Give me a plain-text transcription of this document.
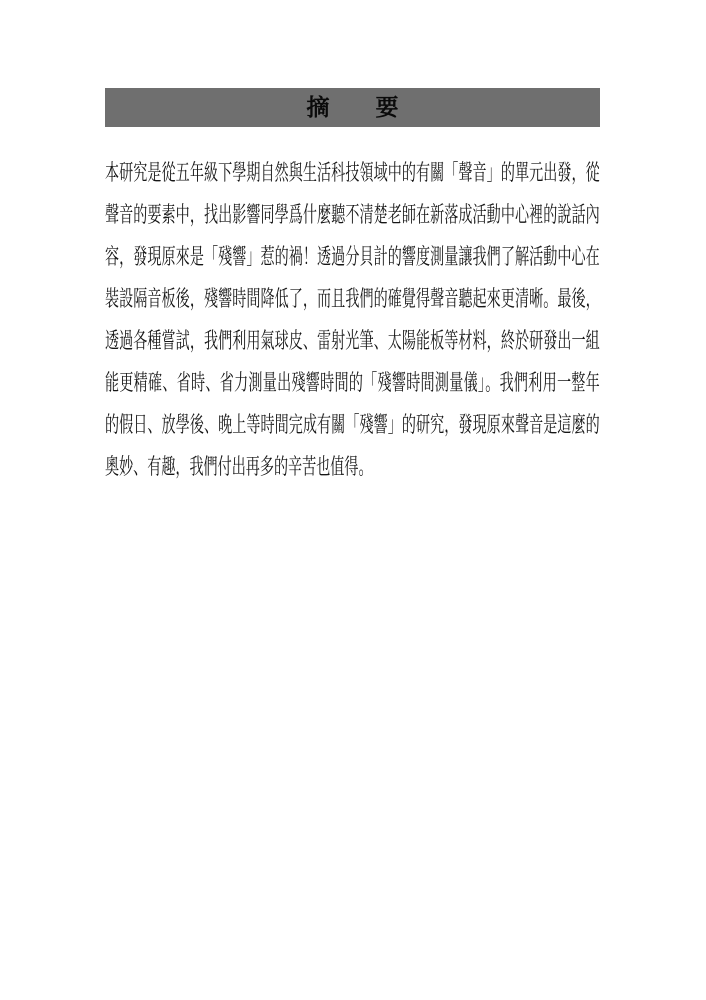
摘　　要
本研究是從五年級下學期自然與生活科技領域中的有關「聲音」的單元出發，從
聲音的要素中，找出影響同學爲什麼聽不清楚老師在新落成活動中心裡的說話內
容，發現原來是「殘響」惹的禍！透過分貝計的響度測量讓我們了解活動中心在
裝設隔音板後，殘響時間降低了，而且我們的確覺得聲音聽起來更清晰。最後，
透過各種嘗試，我們利用氣球皮、雷射光筆、太陽能板等材料，終於研發出一組
能更精確、省時、省力測量出殘響時間的「殘響時間測量儀」。我們利用一整年
的假日、放學後、晚上等時間完成有關「殘響」的研究，發現原來聲音是這麼的
奧妙、有趣，我們付出再多的辛苦也值得。
